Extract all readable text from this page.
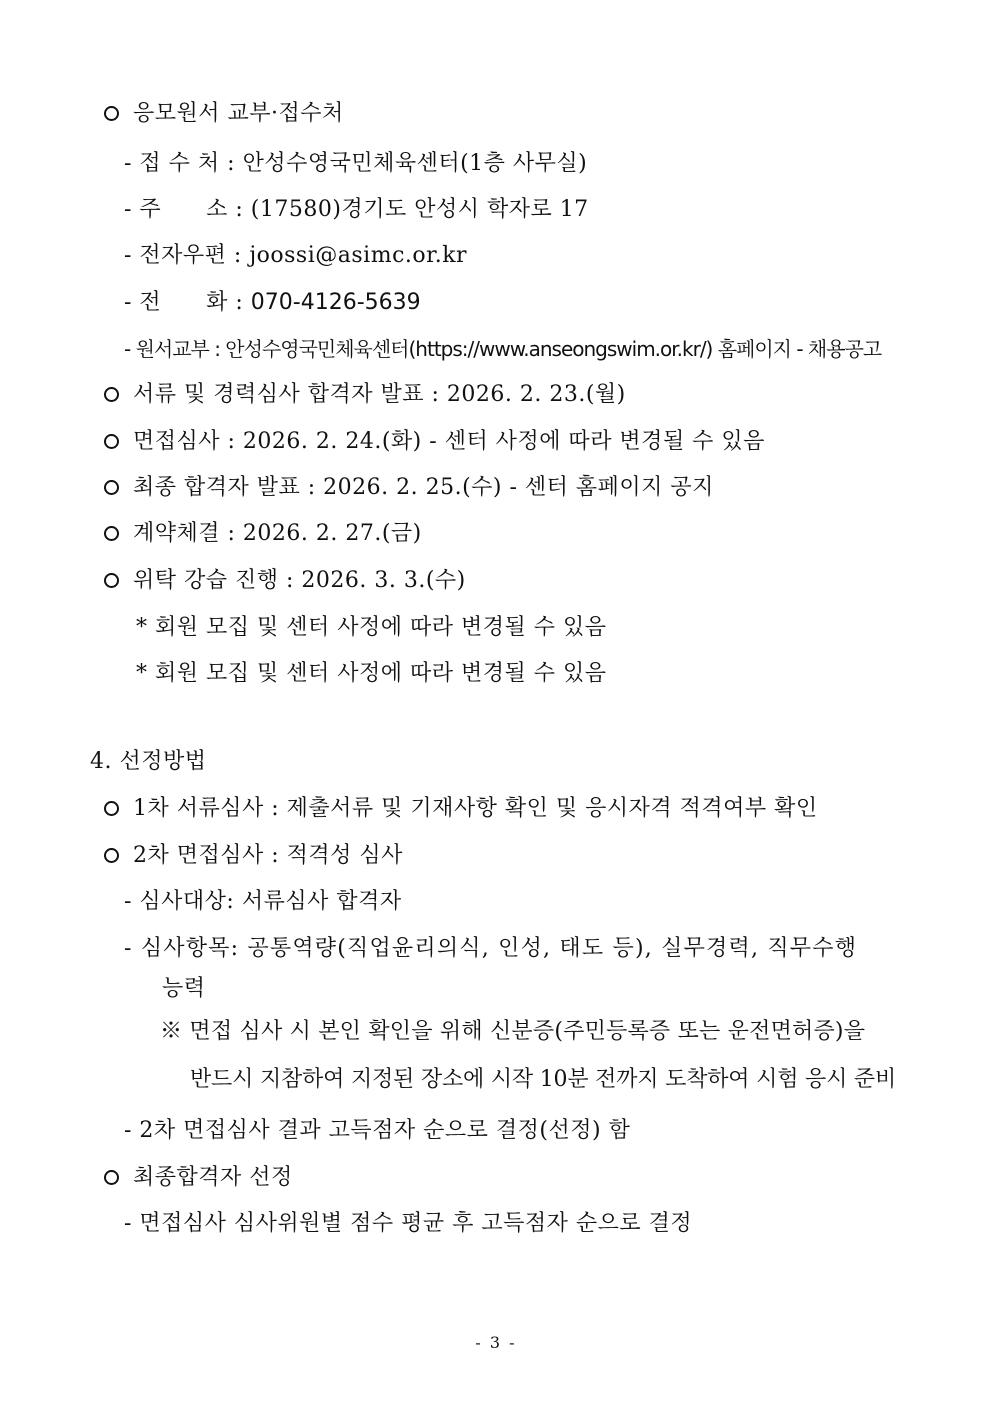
응모원서 교부·접수처
- 접 수 처 : 안성수영국민체육센터(1층 사무실)
- 주      소 : (17580)경기도 안성시 학자로 17
- 전자우편 : joossi@asimc.or.kr
- 전      화 : 070-4126-5639
- 원서교부 : 안성수영국민체육센터(https://www.anseongswim.or.kr/) 홈페이지 - 채용공고
서류 및 경력심사 합격자 발표 : 2026. 2. 23.(월)
면접심사 : 2026. 2. 24.(화) - 센터 사정에 따라 변경될 수 있음
최종 합격자 발표 : 2026. 2. 25.(수) - 센터 홈페이지 공지
계약체결 : 2026. 2. 27.(금)
위탁 강습 진행 : 2026. 3. 3.(수)
* 회원 모집 및 센터 사정에 따라 변경될 수 있음
* 회원 모집 및 센터 사정에 따라 변경될 수 있음
4. 선정방법
1차 서류심사 : 제출서류 및 기재사항 확인 및 응시자격 적격여부 확인
2차 면접심사 : 적격성 심사
- 심사대상: 서류심사 합격자
- 심사항목: 공통역량(직업윤리의식, 인성, 태도 등), 실무경력, 직무수행
능력
※ 면접 심사 시 본인 확인을 위해 신분증(주민등록증 또는 운전면허증)을
반드시 지참하여 지정된 장소에 시작 10분 전까지 도착하여 시험 응시 준비
- 2차 면접심사 결과 고득점자 순으로 결정(선정) 함
최종합격자 선정
- 면접심사 심사위원별 점수 평균 후 고득점자 순으로 결정
- 3 -
